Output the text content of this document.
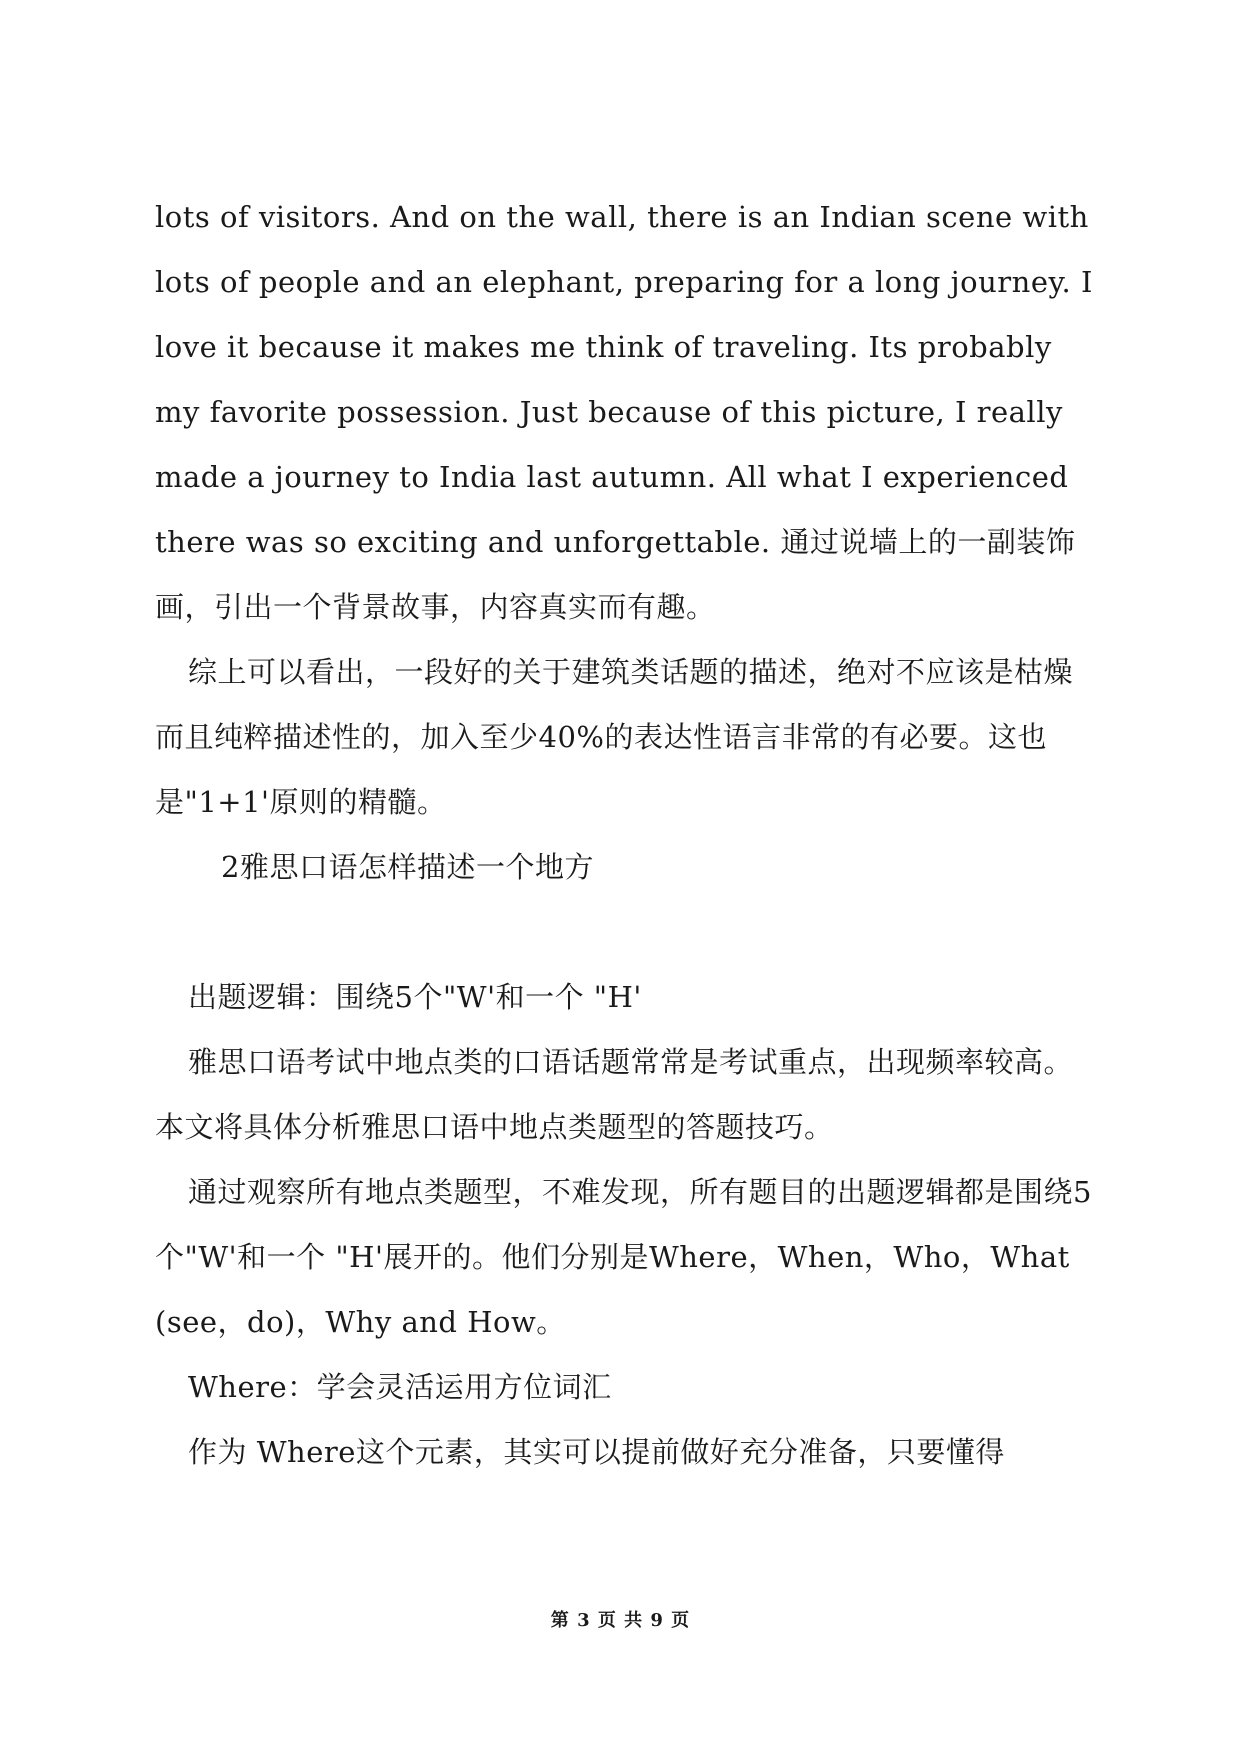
lots of visitors. And on the wall, there is an Indian scene with lots of people and an elephant, preparing for a long journey. I love it because it makes me think of traveling. Its probably my favorite possession. Just because of this picture, I really made a journey to India last autumn. All what I experienced there was so exciting and unforgettable. 通过说墙上的一副装饰画，引出一个背景故事，内容真实而有趣。

综上可以看出，一段好的关于建筑类话题的描述，绝对不应该是枯燥而且纯粹描述性的，加入至少40%的表达性语言非常的有必要。这也是"1+1'原则的精髓。

2雅思口语怎样描述一个地方

出题逻辑：围绕5个"W'和一个 "H'

雅思口语考试中地点类的口语话题常常是考试重点，出现频率较高。本文将具体分析雅思口语中地点类题型的答题技巧。

通过观察所有地点类题型，不难发现，所有题目的出题逻辑都是围绕5个"W'和一个 "H'展开的。他们分别是Where，When，Who，What (see，do)，Why and How。

Where：学会灵活运用方位词汇

作为 Where这个元素，其实可以提前做好充分准备，只要懂得

第 3 页 共 9 页
